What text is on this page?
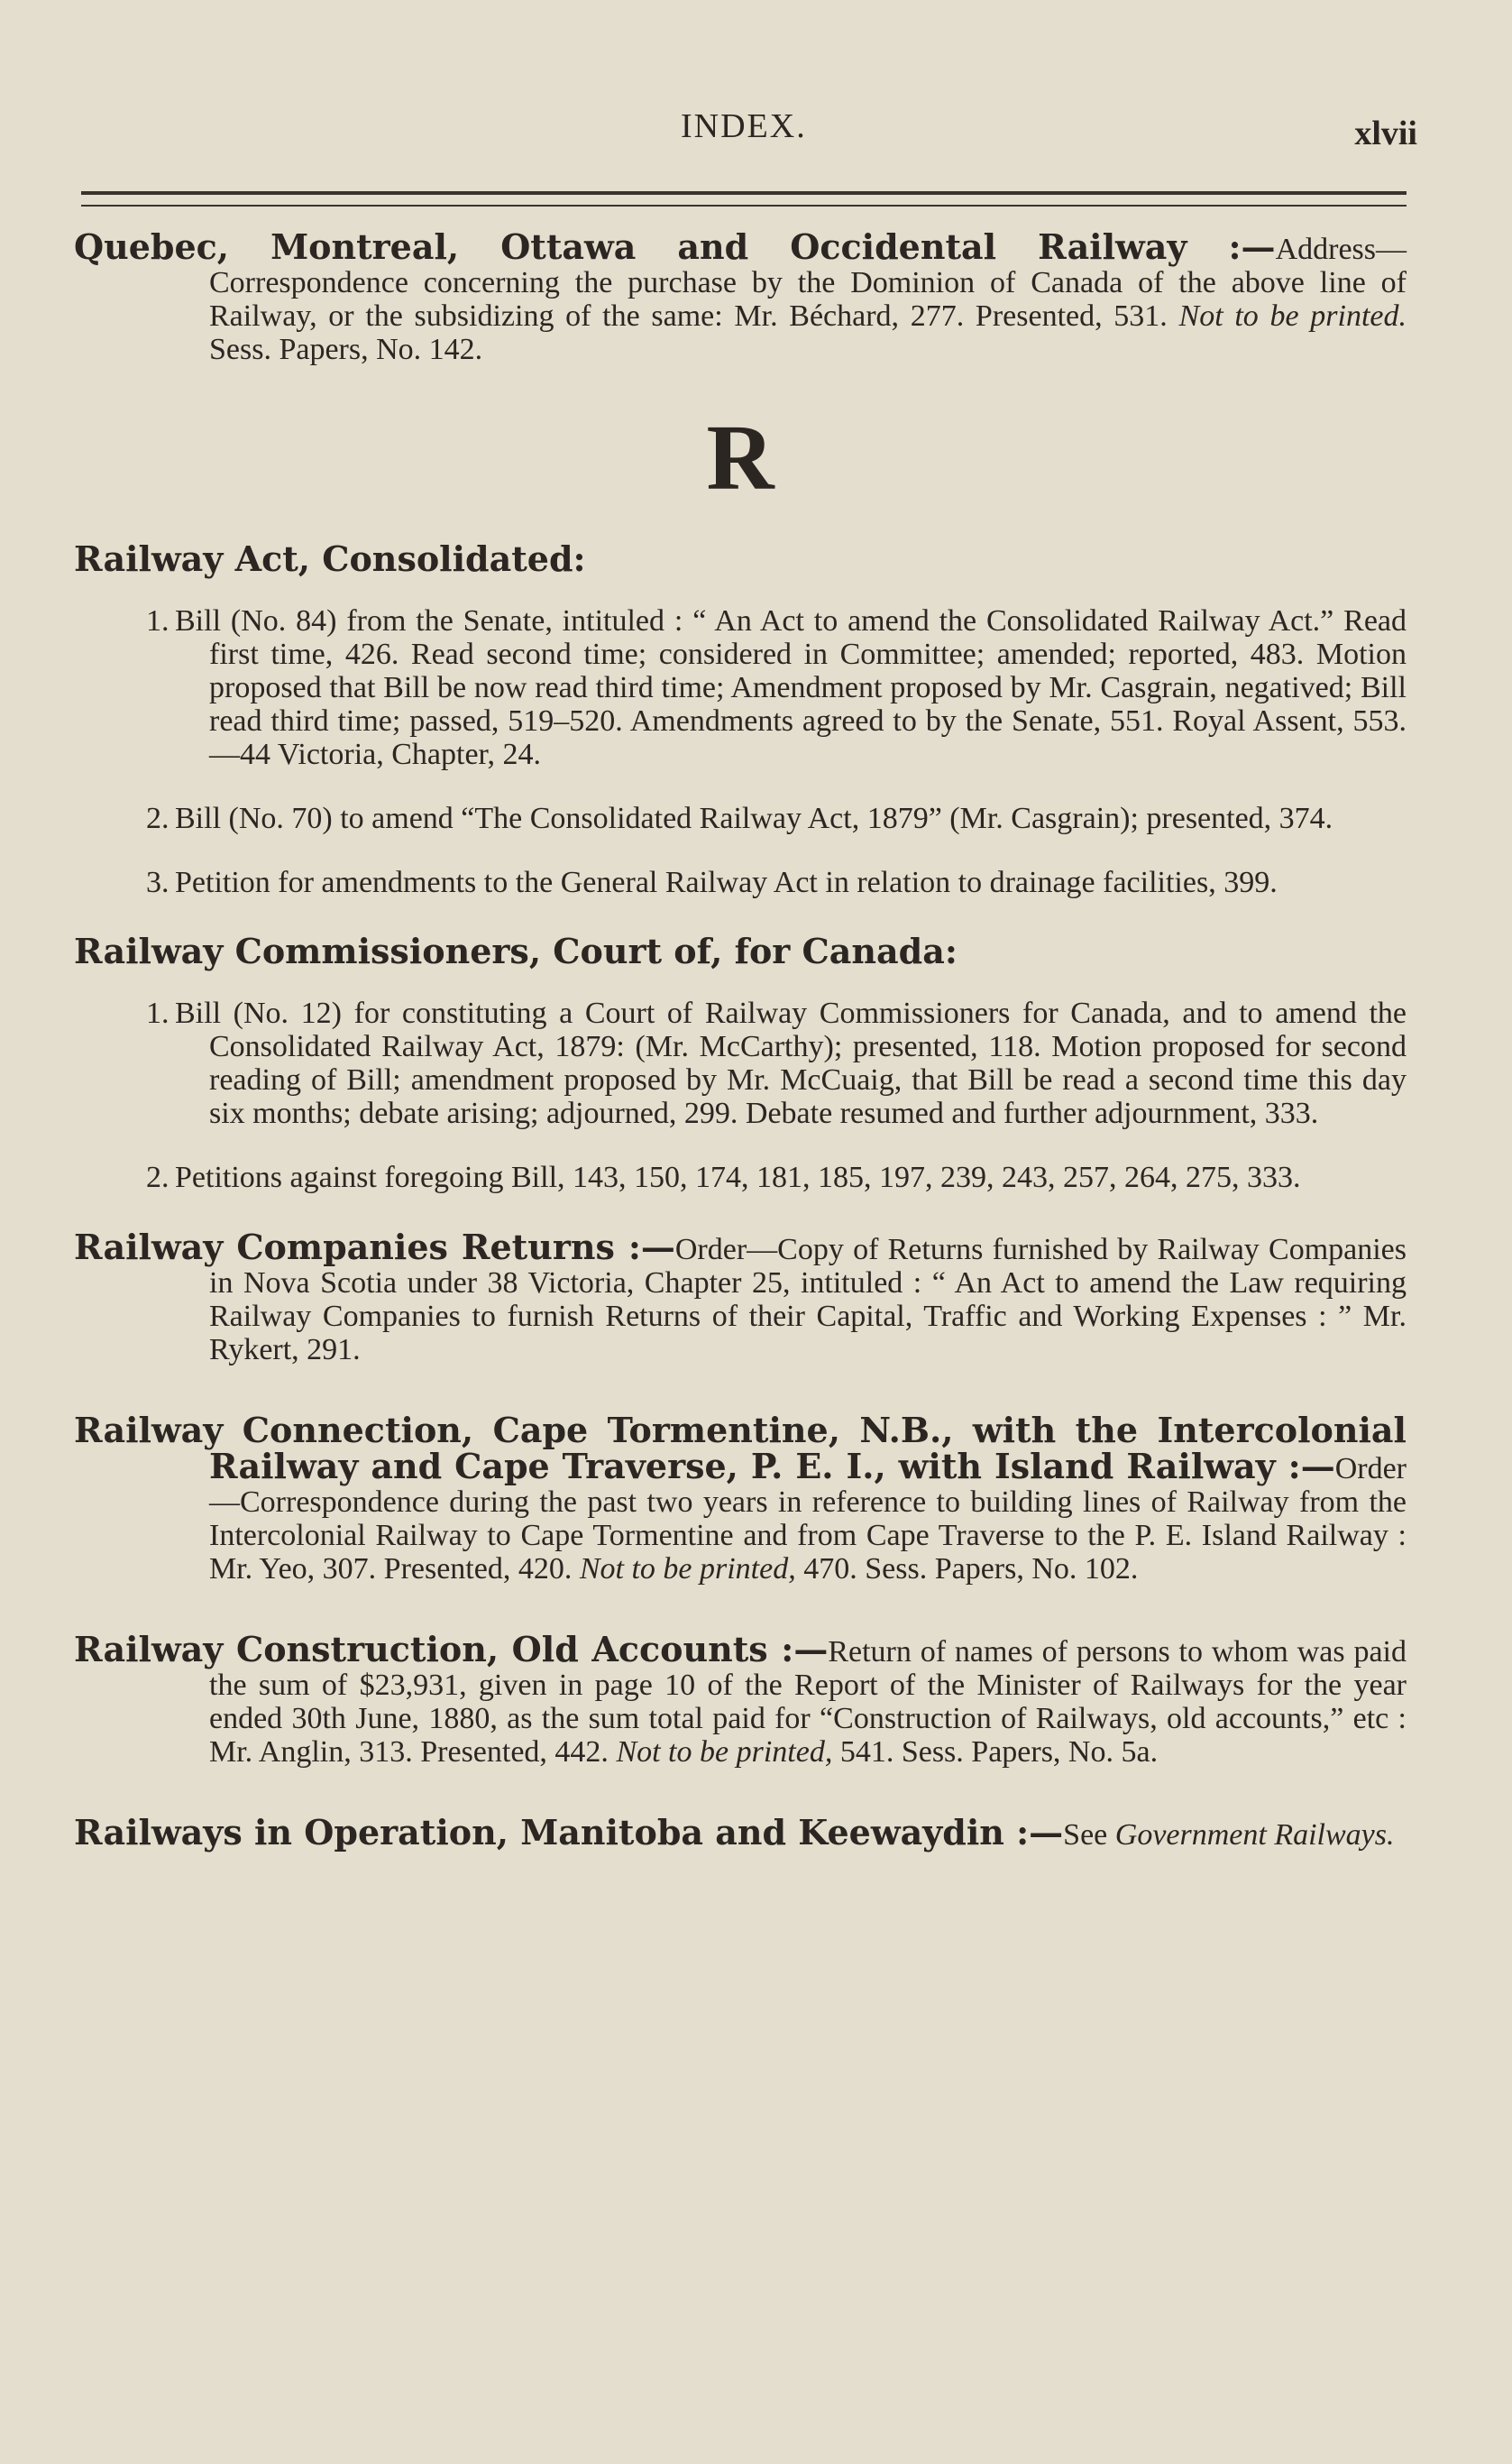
INDEX.	xlvii

Quebec, Montreal, Ottawa and Occidental Railway :—Address—Correspondence concerning the purchase by the Dominion of Canada of the above line of Railway, or the subsidizing of the same: Mr. Béchard, 277. Presented, 531. Not to be printed. Sess. Papers, No. 142.

R
Railway Act, Consolidated:

1. Bill (No. 84) from the Senate, intituled : “ An Act to amend the Consolidated Railway Act.” Read first time, 426. Read second time; considered in Committee; amended; reported, 483. Motion proposed that Bill be now read third time; Amendment proposed by Mr. Casgrain, negatived; Bill read third time; passed, 519–520. Amendments agreed to by the Senate, 551. Royal Assent, 553.—44 Victoria, Chapter, 24.

2. Bill (No. 70) to amend “The Consolidated Railway Act, 1879” (Mr. Casgrain); presented, 374.

3. Petition for amendments to the General Railway Act in relation to drainage facilities, 399.

Railway Commissioners, Court of, for Canada:

1. Bill (No. 12) for constituting a Court of Railway Commissioners for Canada, and to amend the Consolidated Railway Act, 1879: (Mr. McCarthy); presented, 118. Motion proposed for second reading of Bill; amendment proposed by Mr. McCuaig, that Bill be read a second time this day six months; debate arising; adjourned, 299. Debate resumed and further adjournment, 333.

2. Petitions against foregoing Bill, 143, 150, 174, 181, 185, 197, 239, 243, 257, 264, 275, 333.

Railway Companies Returns :—Order—Copy of Returns furnished by Railway Companies in Nova Scotia under 38 Victoria, Chapter 25, intituled : “ An Act to amend the Law requiring Railway Companies to furnish Returns of their Capital, Traffic and Working Expenses : ” Mr. Rykert, 291.

Railway Connection, Cape Tormentine, N.B., with the Intercolonial Railway and Cape Traverse, P. E. I., with Island Railway :—Order—Correspondence during the past two years in reference to building lines of Railway from the Intercolonial Railway to Cape Tormentine and from Cape Traverse to the P. E. Island Railway : Mr. Yeo, 307. Presented, 420. Not to be printed, 470. Sess. Papers, No. 102.

Railway Construction, Old Accounts :—Return of names of persons to whom was paid the sum of $23,931, given in page 10 of the Report of the Minister of Railways for the year ended 30th June, 1880, as the sum total paid for “Construction of Railways, old accounts,” etc : Mr. Anglin, 313. Presented, 442. Not to be printed, 541. Sess. Papers, No. 5a.

Railways in Operation, Manitoba and Keewaydin :—See Government Railways.
